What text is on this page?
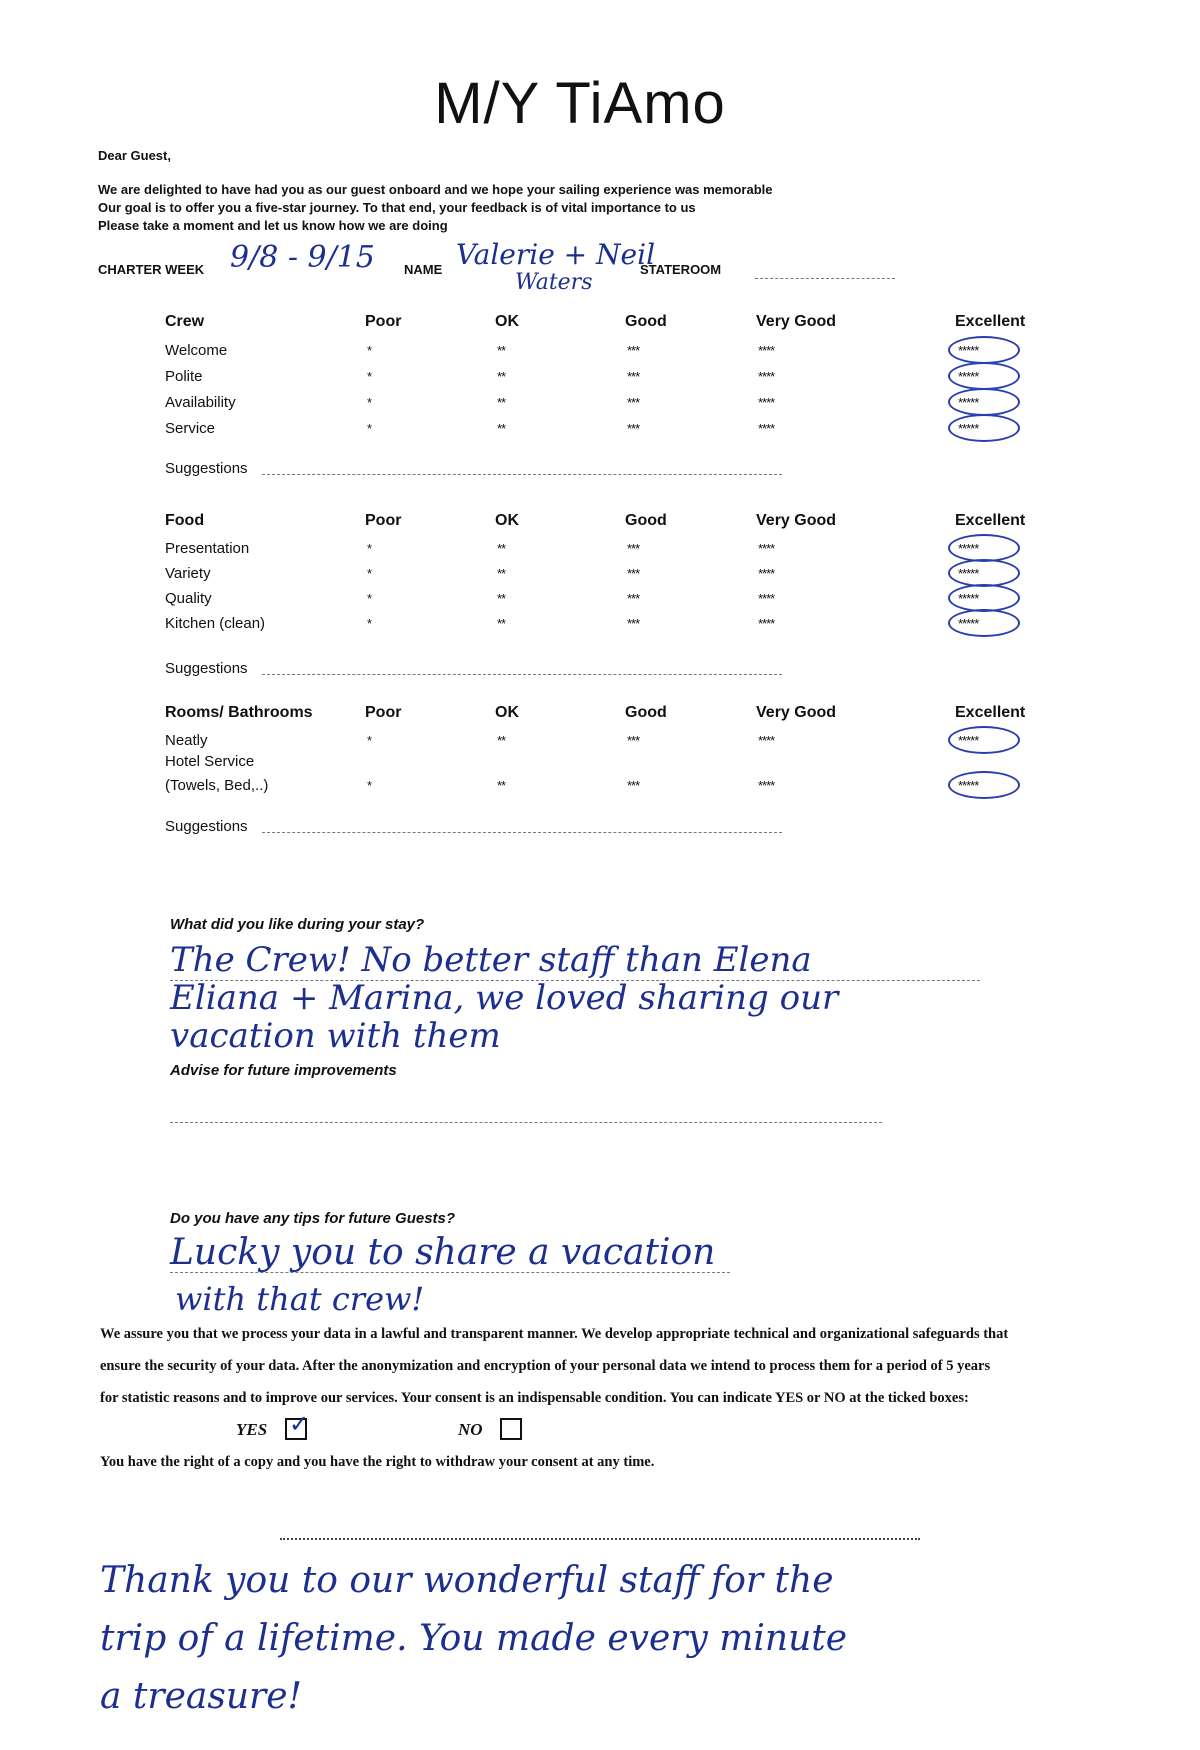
M/Y TiAmo
Dear Guest,
We are delighted to have had you as our guest onboard and we hope your sailing experience was memorable
Our goal is to offer you a five-star journey. To that end, your feedback is of vital importance to us
Please take a moment and let us know how we are doing
CHARTER WEEK 9/8 - 9/15 NAME Valerie + Neil
Waters
STATEROOM
Crew	Poor	OK	Good	Very Good	Excellent
Welcome	*	**	***	****	*****
Polite	*	**	***	****	*****
Availability	*	**	***	****	*****
Service	*	**	***	****	*****
Suggestions
Food	Poor	OK	Good	Very Good	Excellent
Presentation	*	**	***	****	*****
Variety	*	**	***	****	*****
Quality	*	**	***	****	*****
Kitchen (clean)	*	**	***	****	*****
Suggestions
Rooms/ Bathrooms	Poor	OK	Good	Very Good	Excellent
Neatly	*	**	***	****	*****
Hotel Service
(Towels, Bed,..)	*	**	***	****	*****
Suggestions
What did you like during your stay?
The Crew! No better staff than Elena
Eliana + Marina, we loved sharing our
vacation with them
Advise for future improvements
Do you have any tips for future Guests?
Lucky you to share a vacation
with that crew!
We assure you that we process your data in a lawful and transparent manner. We develop appropriate technical and organizational safeguards that
ensure the security of your data. After the anonymization and encryption of your personal data we intend to process them for a period of 5 years
for statistic reasons and to improve our services. Your consent is an indispensable condition. You can indicate YES or NO at the ticked boxes:
YES ✓	NO
You have the right of a copy and you have the right to withdraw your consent at any time.
Thank you to our wonderful staff for the
trip of a lifetime. You made every minute
a treasure!
